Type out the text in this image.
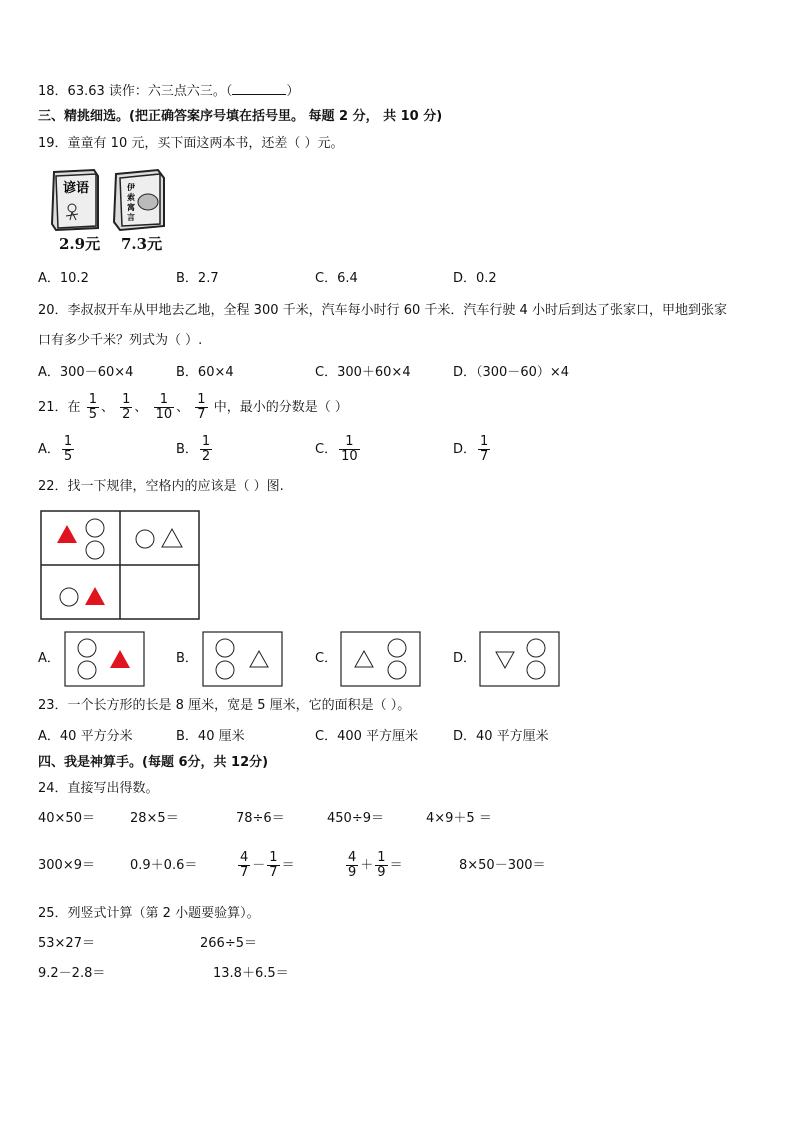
18．63.63 读作：六三点六三。（	）
三、精挑细选。(把正确答案序号填在括号里。 每题 2 分， 共 10 分)
19．童童有 10 元，买下面这两本书，还差（ ）元。
谚语
2.9元
伊
索
寓
言
7.3元
A．10.2	B．2.7	C．6.4	D．0.2
20．李叔叔开车从甲地去乙地，全程 300 千米，汽车每小时行 60 千米．汽车行驶 4 小时后到达了张家口，甲地到张家
口有多少千米？列式为（ ）.
A．300－60×4	B．60×4	C．300＋60×4	D．（300－60）×4
21．在 $\frac{1}{5}$ 、 $\frac{1}{2}$ 、 $\frac{1}{10}$ 、 $\frac{1}{7}$ 中，最小的分数是（ ）
A． $\frac{1}{5}$	B． $\frac{1}{2}$	C． $\frac{1}{10}$	D． $\frac{1}{7}$
22．找一下规律，空格内的应该是（ ）图.
A．	B．	C．	D．
23．一个长方形的长是 8 厘米，宽是 5 厘米，它的面积是（ ）。
A．40 平方分米	B．40 厘米	C．400 平方厘米	D．40 平方厘米
四、我是神算手。(每题 6分，共 12分)
24．直接写出得数。
40×50＝	28×5＝	78÷6＝	450÷9＝	4×9＋5 ＝
300×9＝	0.9＋0.6＝	$\frac{4}{7} - \frac{1}{7}$ ＝	$\frac{4}{9} + \frac{1}{9}$ ＝	8×50－300＝
25．列竖式计算（第 2 小题要验算）。
53×27＝	266÷5＝
9.2－2.8＝	13.8＋6.5＝
